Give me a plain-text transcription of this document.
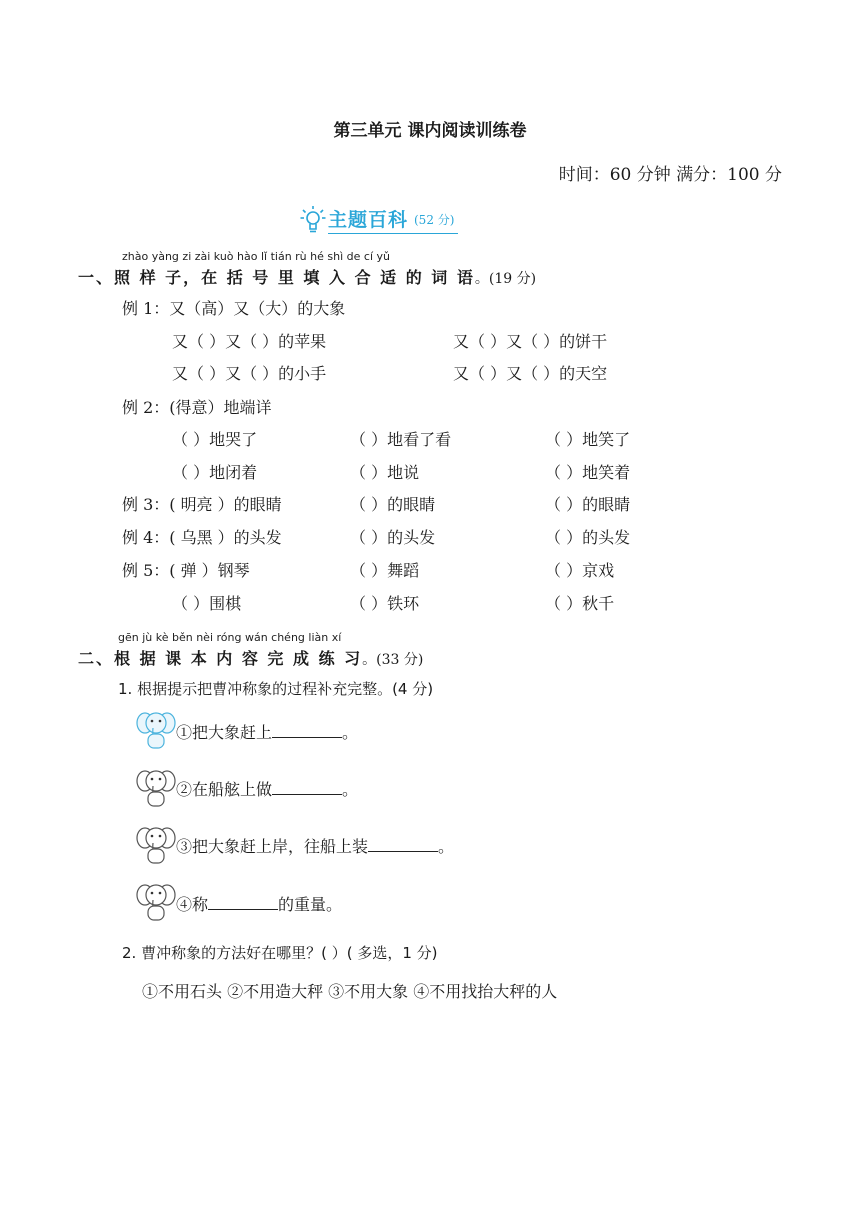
第三单元 课内阅读训练卷
时间：60 分钟 满分：100 分
主题百科 (52 分)
zhào yàng zi zài kuò hào lǐ tián rù hé shì de cí yǔ
一、照 样 子，在 括 号 里 填 入 合 适 的 词 语。(19 分)
例 1：又（高）又（大）的大象
又（ ）又（ ）的苹果	又（ ）又（ ）的饼干
又（ ）又（ ）的小手	又（ ）又（ ）的天空
例 2：(得意）地端详
（ ）地哭了	（ ）地看了看	（ ）地笑了
（ ）地闭着	（ ）地说	（ ）地笑着
例 3：( 明亮 ）的眼睛	（ ）的眼睛	（ ）的眼睛
例 4：( 乌黑 ）的头发	（ ）的头发	（ ）的头发
例 5：( 弹 ）钢琴	（ ）舞蹈	（ ）京戏
（ ）围棋	（ ）铁环	（ ）秋千
gēn jù kè běn nèi róng wán chéng liàn xí
二、根 据 课 本 内 容 完 成 练 习。(33 分)
1. 根据提示把曹冲称象的过程补充完整。(4 分)
①把大象赶上	。
②在船舷上做	。
③把大象赶上岸，往船上装	。
④称	的重量。
2. 曹冲称象的方法好在哪里？( ）( 多选，1 分)
①不用石头 ②不用造大秤 ③不用大象 ④不用找抬大秤的人
